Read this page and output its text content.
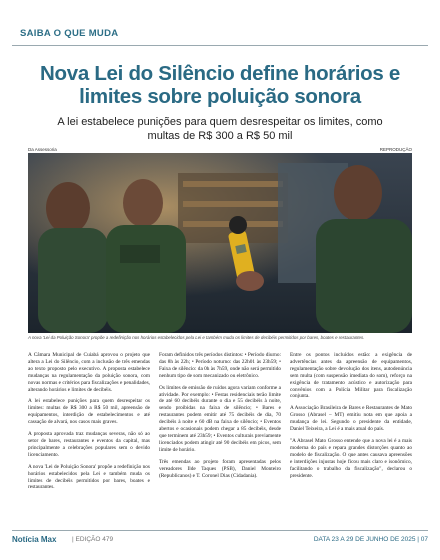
SAIBA O QUE MUDA
Nova Lei do Silêncio define horários e limites sobre poluição sonora
A lei estabelece punições para quem desrespeitar os limites, como multas de R$ 300 a R$ 50 mil
Da Assessoria	REPRODUÇÃO
A nova 'Lei da Poluição Sonora' propõe a redefinição nos horários estabelecidos pela Lei e também muda os limites de decibéis permitidos por bares, boates e restaurantes.

A Câmara Municipal de Cuiabá aprovou o projeto que altera a Lei do Silêncio, com a inclusão de três emendas ao texto proposto pelo executivo. A proposta estabelece mudanças na regulamentação da poluição sonora, com novas normas e critérios para fiscalizações e penalidades, alterando horários e limites de decibéis.

A lei estabelece punições para quem desrespeitar os limites: multas de R$ 300 a R$ 50 mil, apreensão de equipamentos, interdição de estabelecimentos e até cassação de alvará, nos casos mais graves.

A proposta aprovada traz mudanças severas, não só ao setor de bares, restaurantes e eventos da capital, mas principalmente a celebrações populares sem o devido licenciamento.

A nova 'Lei de Poluição Sonora' propõe a redefinição nos horários estabelecidos pela Lei e também muda os limites de decibéis permitidos por bares, boates e restaurantes.

Foram definidos três períodos distintos: • Período diurno: das 8h às 22h; • Período noturno: das 22h01 às 23h59; • Faixa de silêncio: da 0h às 7h59, onde não será permitido nenhum tipo de som mecanizado ou eletrônico.

Os limites de emissão de ruídos agora variam conforme a atividade. Por exemplo: • Festas residenciais terão limite de até 60 decibéis durante o dia e 55 decibéis à noite, sendo proibidas na faixa de silêncio; • Bares e restaurantes podem emitir até 75 decibéis de dia, 70 decibéis à noite e 60 dB na faixa de silêncio; • Eventos abertos e ocasionais podem chegar a 85 decibéis, desde que terminem até 23h59; • Eventos culturais previamente licenciados podem atingir até 90 decibéis em picos, sem limite de horário.

Três emendas ao projeto foram apresentadas pelos vereadores Ilde Taques (PSB), Daniel Monteiro (Republicanos) e T. Coronel Dias (Cidadania).

Entre os pontos incluídos estão: a exigência de advertências antes da apreensão de equipamentos, regulamentação sobre devolução dos itens, autodenúncia sem multa (com suspensão imediata do som), reforço na exigência de tratamento acústico e autorização para convênios com a Polícia Militar para fiscalização conjunta.

A Associação Brasileira de Bares e Restaurantes de Mato Grosso (Abrasel – MT) emitiu nota em que apoia a mudança de lei. Segundo o presidente da entidade, Daniel Teixeira, a Lei é a mais atual do país.

"A Abrasel Mato Grosso entende que a nova lei é a mais moderna do país e repara grandes distorções quanto ao modelo de fiscalização. O que antes causava apreensões e interdições injustas hoje ficou mais claro e isonômico, facilitando o trabalho da fiscalização", declarou o presidente.

Notícia Max | EDIÇÃO 479	DATA 23 A 29 DE JUNHO DE 2025 | 07
